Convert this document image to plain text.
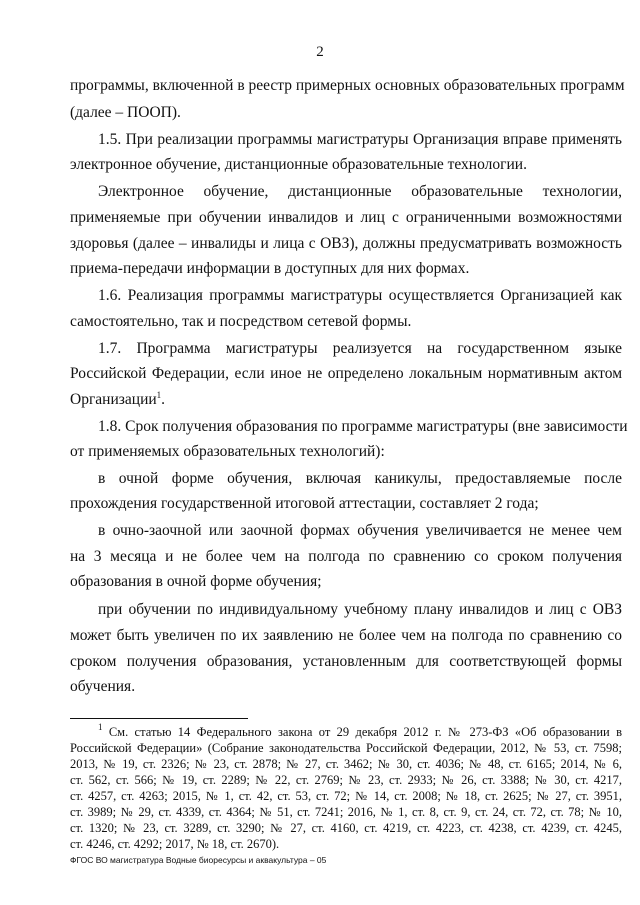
2
программы, включенной в реестр примерных основных образовательных программ
(далее – ПООП).
1.5. При реализации программы магистратуры Организация вправе применять
электронное обучение, дистанционные образовательные технологии.
Электронное обучение, дистанционные образовательные технологии,
применяемые при обучении инвалидов и лиц с ограниченными возможностями
здоровья (далее – инвалиды и лица с ОВЗ), должны предусматривать возможность
приема-передачи информации в доступных для них формах.
1.6. Реализация программы магистратуры осуществляется Организацией как
самостоятельно, так и посредством сетевой формы.
1.7. Программа магистратуры реализуется на государственном языке
Российской Федерации, если иное не определено локальным нормативным актом
Организации$^1$.
1.8. Срок получения образования по программе магистратуры (вне зависимости
от применяемых образовательных технологий):
в очной форме обучения, включая каникулы, предоставляемые после
прохождения государственной итоговой аттестации, составляет 2 года;
в очно-заочной или заочной формах обучения увеличивается не менее чем
на 3 месяца и не более чем на полгода по сравнению со сроком получения
образования в очной форме обучения;
при обучении по индивидуальному учебному плану инвалидов и лиц с ОВЗ
может быть увеличен по их заявлению не более чем на полгода по сравнению со
сроком получения образования, установленным для соответствующей формы
обучения.
$^1$ См. статью 14 Федерального закона от 29 декабря 2012 г. № 273-ФЗ «Об образовании в
Российской Федерации» (Собрание законодательства Российской Федерации, 2012, № 53, ст. 7598;
2013, № 19, ст. 2326; № 23, ст. 2878; № 27, ст. 3462; № 30, ст. 4036; № 48, ст. 6165; 2014, № 6,
ст. 562, ст. 566; № 19, ст. 2289; № 22, ст. 2769; № 23, ст. 2933; № 26, ст. 3388; № 30, ст. 4217,
ст. 4257, ст. 4263; 2015, № 1, ст. 42, ст. 53, ст. 72; № 14, ст. 2008; № 18, ст. 2625; № 27, ст. 3951,
ст. 3989; № 29, ст. 4339, ст. 4364; № 51, ст. 7241; 2016, № 1, ст. 8, ст. 9, ст. 24, ст. 72, ст. 78; № 10,
ст. 1320; № 23, ст. 3289, ст. 3290; № 27, ст. 4160, ст. 4219, ст. 4223, ст. 4238, ст. 4239, ст. 4245,
ст. 4246, ст. 4292; 2017, № 18, ст. 2670).
ФГОС ВО магистратура Водные биоресурсы и аквакультура – 05
